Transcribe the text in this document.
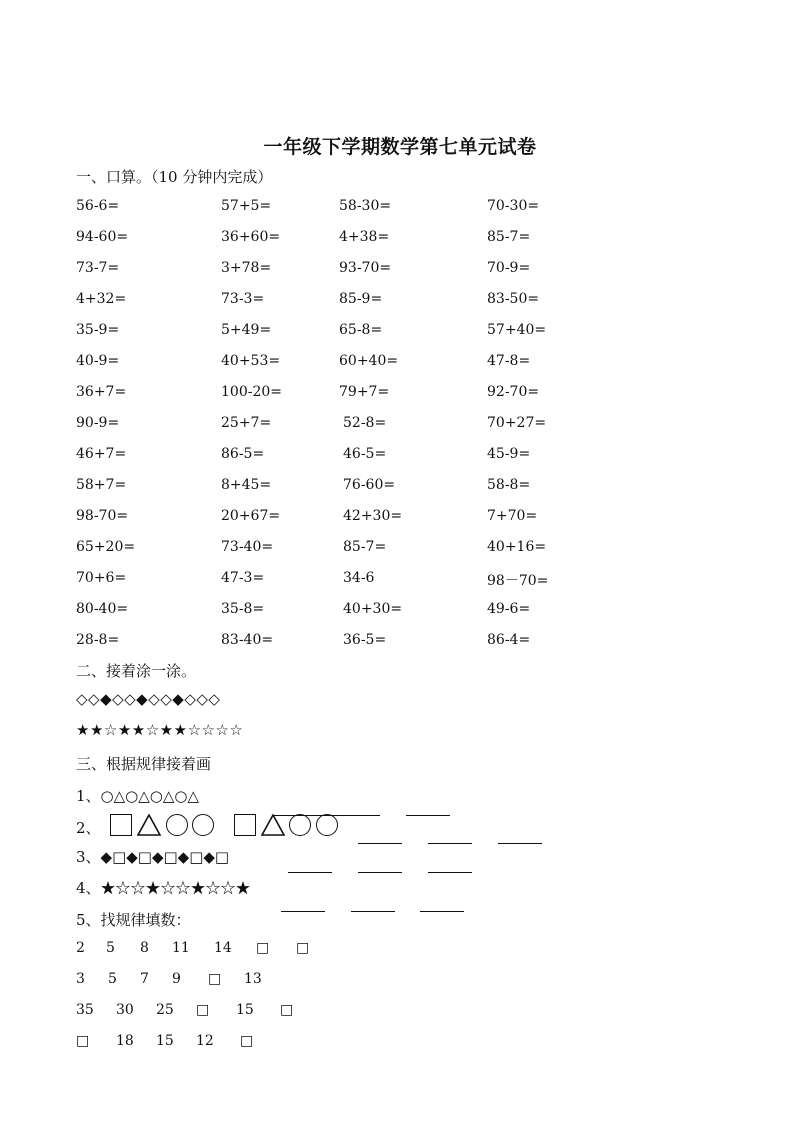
一年级下学期数学第七单元试卷
一、口算。（10 分钟内完成）
56-6=	57+5=	58-30=	70-30=
94-60=	36+60=	4+38=	85-7=
73-7=	3+78=	93-70=	70-9=
4+32=	73-3=	85-9=	83-50=
35-9=	5+49=	65-8=	57+40=
40-9=	40+53=	60+40=	47-8=
36+7=	100-20=	79+7=	92-70=
90-9=	25+7=	52-8=	70+27=
46+7=	86-5=	46-5=	45-9=
58+7=	8+45=	76-60=	58-8=
98-70=	20+67=	42+30=	7+70=
65+20=	73-40=	85-7=	40+16=
70+6=	47-3=	34-6	98－70=
80-40=	35-8=	40+30=	49-6=
28-8=	83-40=	36-5=	86-4=
二、接着涂一涂。
◇◇◆◇◇◆◇◇◆◇◇◇
★★☆★★☆★★☆☆☆☆
三、根据规律接着画
1、○△○△○△○△
2、

3、◆□◆□◆□◆□◆□
4、★☆☆★☆☆★☆☆★
5、找规律填数：
2 5 8 11 14 □ □
3 5 7 9 □ 13
35 30 25 □ 15 □
□ 18 15 12 □
